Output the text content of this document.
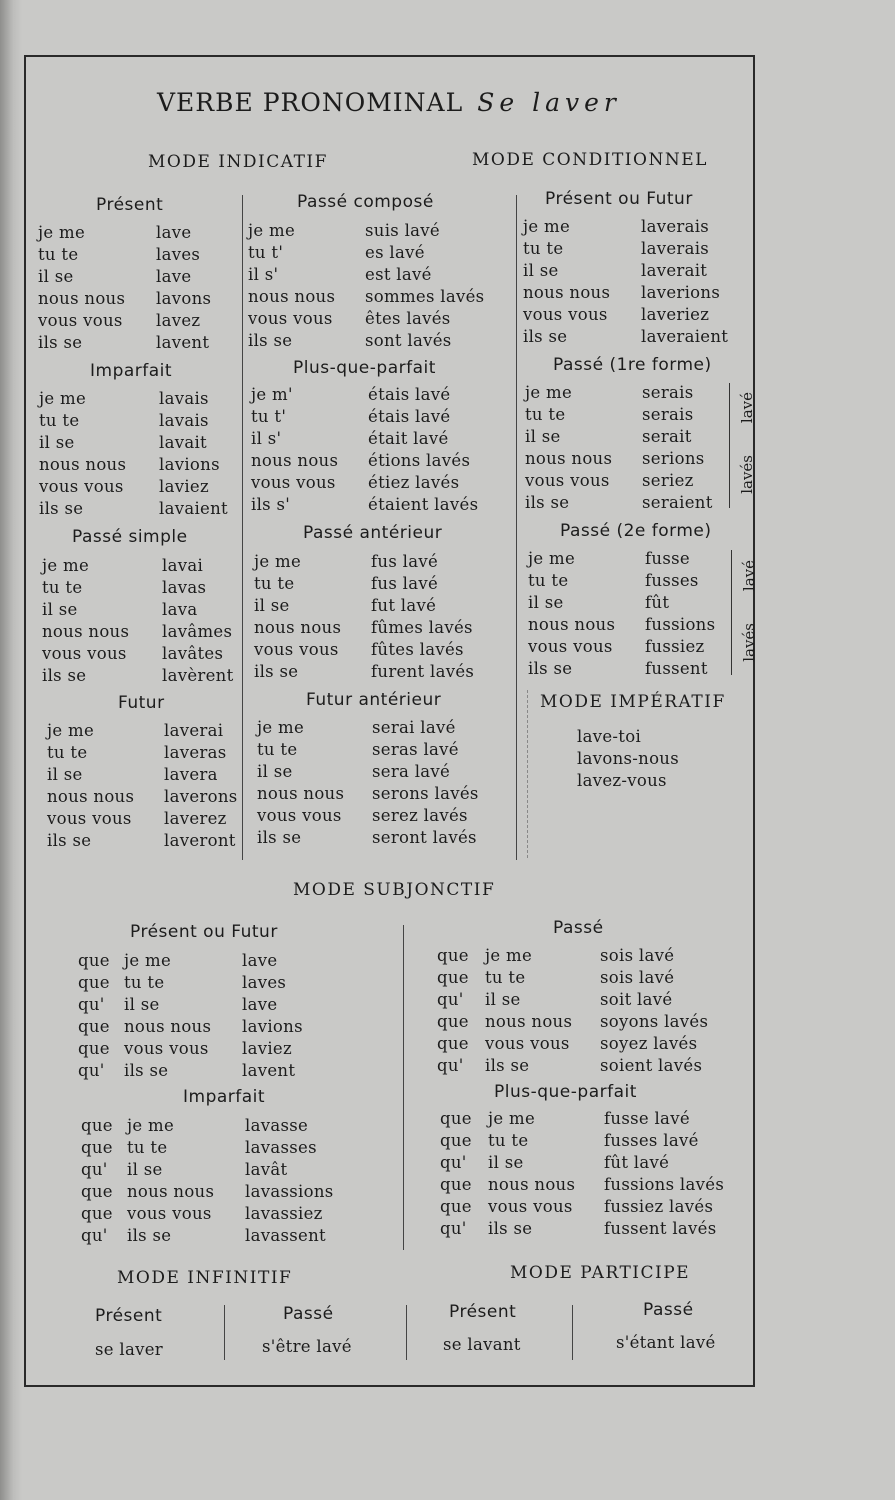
VERBE PRONOMINAL Se laver
MODE INDICATIF	MODE CONDITIONNEL
Présent
je me	lave
tu te	laves
il se	lave
nous nous lavons
vous vous lavez
ils se	lavent
Imparfait
je me	lavais
tu te	lavais
il se	lavait
nous nous lavions
vous vous laviez
ils se	lavaient
Passé simple
je me	lavai
tu te	lavas
il se	lava
nous nous lavâmes
vous vous lavâtes
ils se	lavèrent
Futur
je me	laverai
tu te	laveras
il se	lavera
nous nous laverons
vous vous laverez
ils se	laveront
Passé composé
je me	suis lavé
tu t'	es lavé
il s'	est lavé
nous nous sommes lavés
vous vous êtes lavés
ils se	sont lavés
Plus-que-parfait
je m'	étais lavé
tu t'	étais lavé
il s'	était lavé
nous nous étions lavés
vous vous étiez lavés
ils s'	étaient lavés
Passé antérieur
je me	fus lavé
tu te	fus lavé
il se	fut lavé
nous nous fûmes lavés
vous vous fûtes lavés
ils se	furent lavés
Futur antérieur
je me	serai lavé
tu te	seras lavé
il se	sera lavé
nous nous serons lavés
vous vous serez lavés
ils se	seront lavés
Présent ou Futur
je me	laverais
tu te	laverais
il se	laverait
nous nous laverions
vous vous laveriez
ils se	laveraient
Passé (1re forme)
je me	serais
tu te	serais
il se	serait
nous nous serions
vous vous seriez
ils se	seraient
Passé (2e forme)
je me	fusse
tu te	fusses
il se	fût
nous nous fussions
vous vous fussiez
ils se	fussent
Présent ou Futur
que je me	lave
que tu te	laves
qu' il se	lave
que nous nous lavions
que vous vous laviez
qu' ils se	lavent
Imparfait
que je me	lavasse
que tu te	lavasses
qu' il se	lavât
que nous nous lavassions
que vous vous lavassiez
qu' ils se	lavassent
Passé
que je me	sois lavé
que tu te	sois lavé
qu' il se	soit lavé
que nous nous soyons lavés
que vous vous soyez lavés
qu' ils se	soient lavés
Plus-que-parfait
que je me	fusse lavé
que tu te	fusses lavé
qu' il se	fût lavé
que nous nous fussions lavés
que vous vous fussiez lavés
qu' ils se	fussent lavés
lavé
lavés
lavé
lavés
MODE IMPÉRATIF
lave-toi
lavons-nous
lavez-vous
MODE SUBJONCTIF
MODE INFINITIF	MODE PARTICIPE
Présent	Passé	Présent	Passé
se laver	s'être lavé	se lavant	s'étant lavé
